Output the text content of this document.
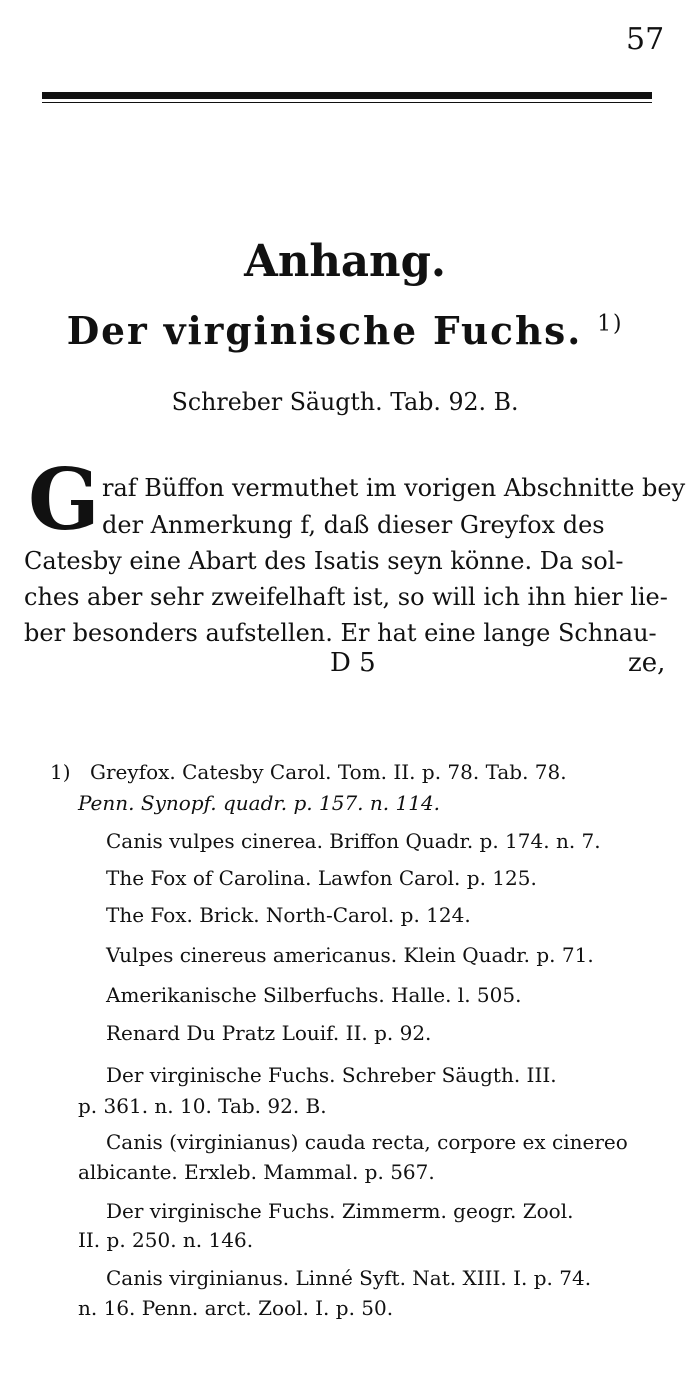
57
Anhang.
Der virginische Fuchs. $^{1)}$
Schreber Säugth. Tab. 92. B.
G raf Büffon vermuthet im vorigen Abschnitte bey
der Anmerkung f, daß dieser Greyfox des
Catesby eine Abart des Isatis seyn könne. Da sol-
ches aber sehr zweifelhaft ist, so will ich ihn hier lie-
ber besonders aufstellen. Er hat eine lange Schnau-
D 5	ze,
1) Greyfox. Catesby Carol. Tom. II. p. 78. Tab. 78.
Penn. Synopf. quadr. p. 157. n. 114.
Canis vulpes cinerea. Briffon Quadr. p. 174. n. 7.
The Fox of Carolina. Lawfon Carol. p. 125.
The Fox. Brick. North-Carol. p. 124.
Vulpes cinereus americanus. Klein Quadr. p. 71.
Amerikanische Silberfuchs. Halle. l. 505.
Renard Du Pratz Louif. II. p. 92.
Der virginische Fuchs. Schreber Säugth. III.
p. 361. n. 10. Tab. 92. B.
Canis (virginianus) cauda recta, corpore ex cinereo
albicante. Erxleb. Mammal. p. 567.
Der virginische Fuchs. Zimmerm. geogr. Zool.
II. p. 250. n. 146.
Canis virginianus. Linné Syft. Nat. XIII. I. p. 74.
n. 16. Penn. arct. Zool. I. p. 50.
